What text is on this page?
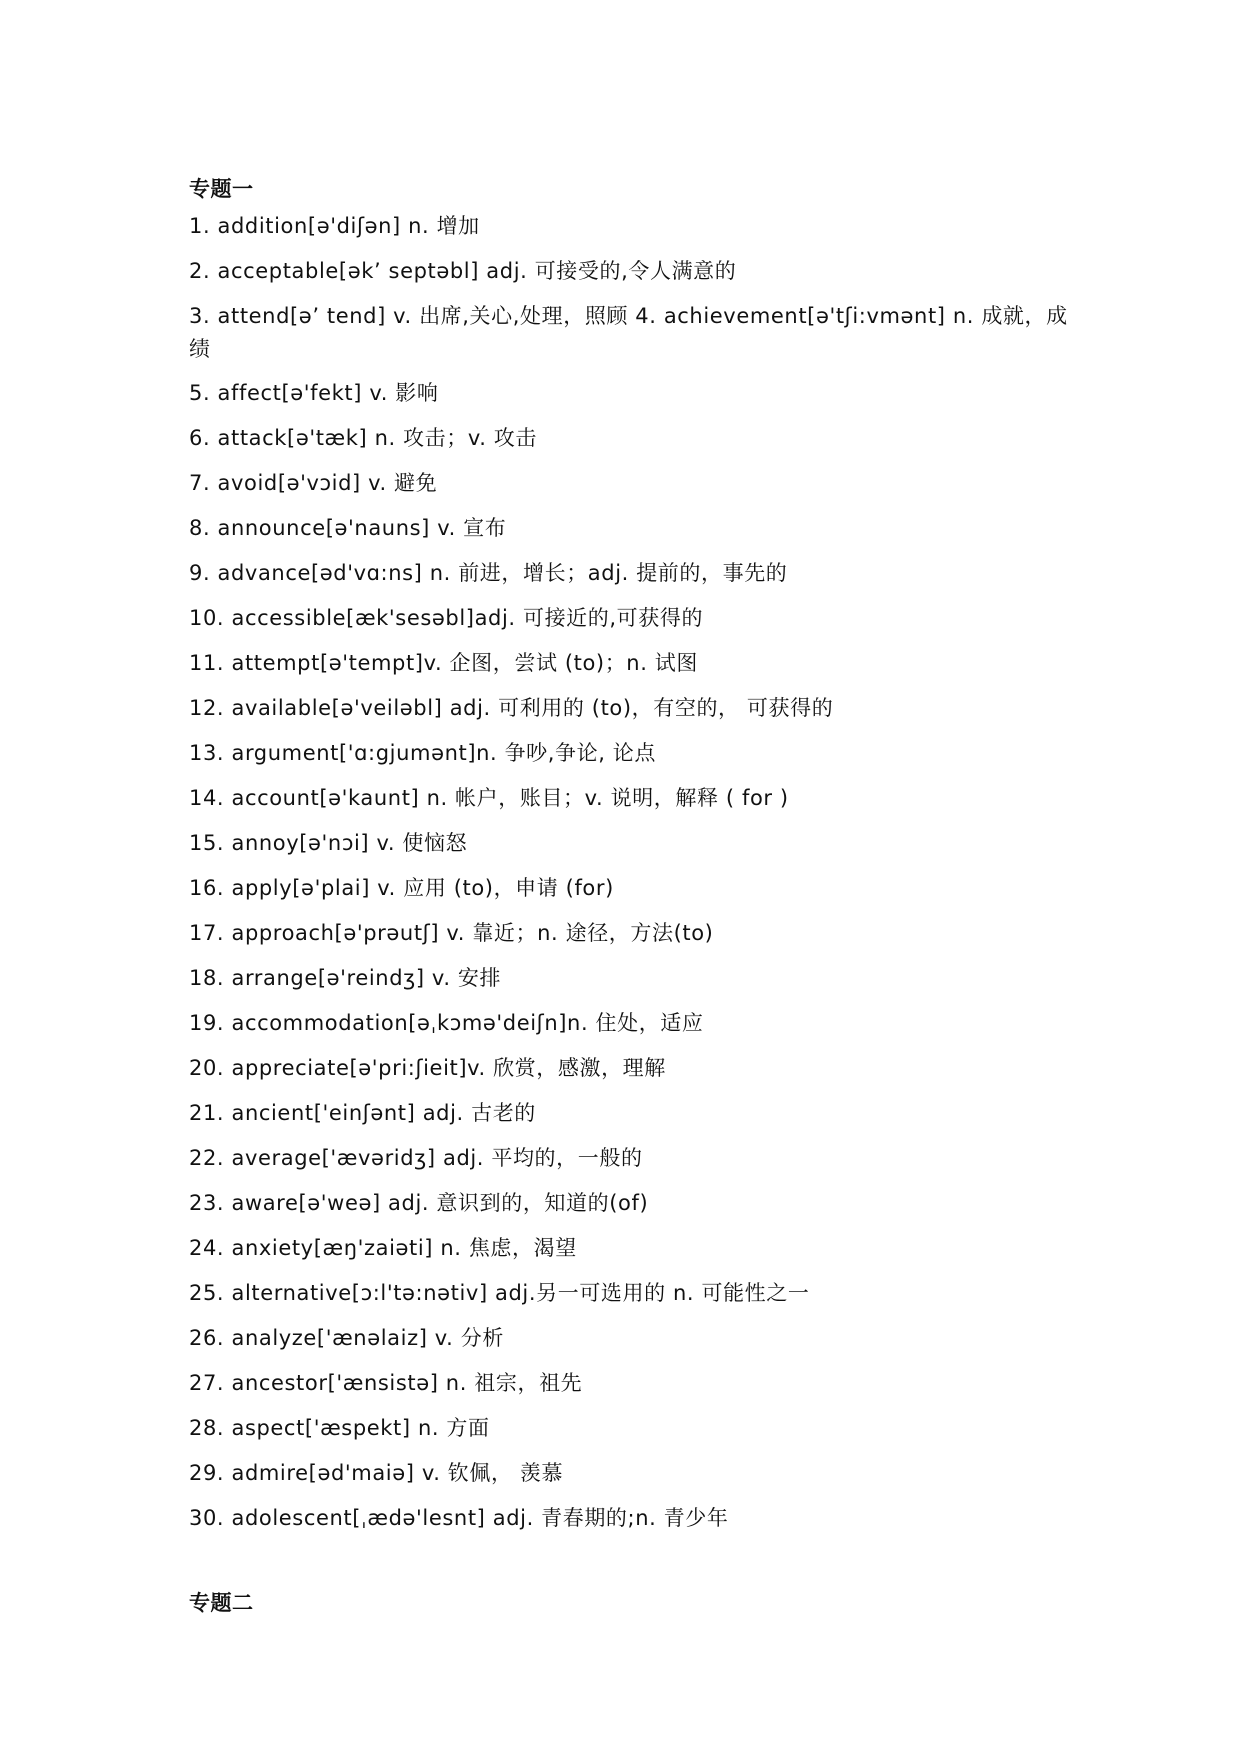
专题一
1. addition[ə'diʃən] n. 增加
2. acceptable[ək’ septəbl] adj. 可接受的,令人满意的
3. attend[ə’ tend] v. 出席,关心,处理，照顾 4. achievement[ə'tʃi:vmənt] n. 成就，成绩
5. affect[ə'fekt] v. 影响
6. attack[ə'tæk] n. 攻击；v. 攻击
7. avoid[ə'vɔid] v. 避免
8. announce[ə'nauns] v. 宣布
9. advance[əd'vɑ:ns] n. 前进，增长；adj. 提前的，事先的
10. accessible[æk'sesəbl]adj. 可接近的,可获得的
11. attempt[ə'tempt]v. 企图，尝试 (to)；n. 试图
12. available[ə'veiləbl] adj. 可利用的 (to)，有空的， 可获得的
13. argument['ɑ:gjumənt]n. 争吵,争论, 论点
14. account[ə'kaunt] n. 帐户，账目；v. 说明，解释 ( for )
15. annoy[ə'nɔi] v. 使恼怒
16. apply[ə'plai] v. 应用 (to)，申请 (for)
17. approach[ə'prəutʃ] v. 靠近；n. 途径，方法(to)
18. arrange[ə'reindʒ] v. 安排
19. accommodation[əˌkɔmə'deiʃn]n. 住处，适应
20. appreciate[ə'pri:ʃieit]v. 欣赏，感激，理解
21. ancient['einʃənt] adj. 古老的
22. average['ævəridʒ] adj. 平均的，一般的
23. aware[ə'weə] adj. 意识到的，知道的(of)
24. anxiety[æŋ'zaiəti] n. 焦虑，渴望
25. alternative[ɔ:l'tə:nətiv] adj.另一可选用的 n. 可能性之一
26. analyze['ænəlaiz] v. 分析
27. ancestor['ænsistə] n. 祖宗，祖先
28. aspect['æspekt] n. 方面
29. admire[əd'maiə] v. 钦佩， 羡慕
30. adolescent[ˌædə'lesnt] adj. 青春期的;n. 青少年
专题二
